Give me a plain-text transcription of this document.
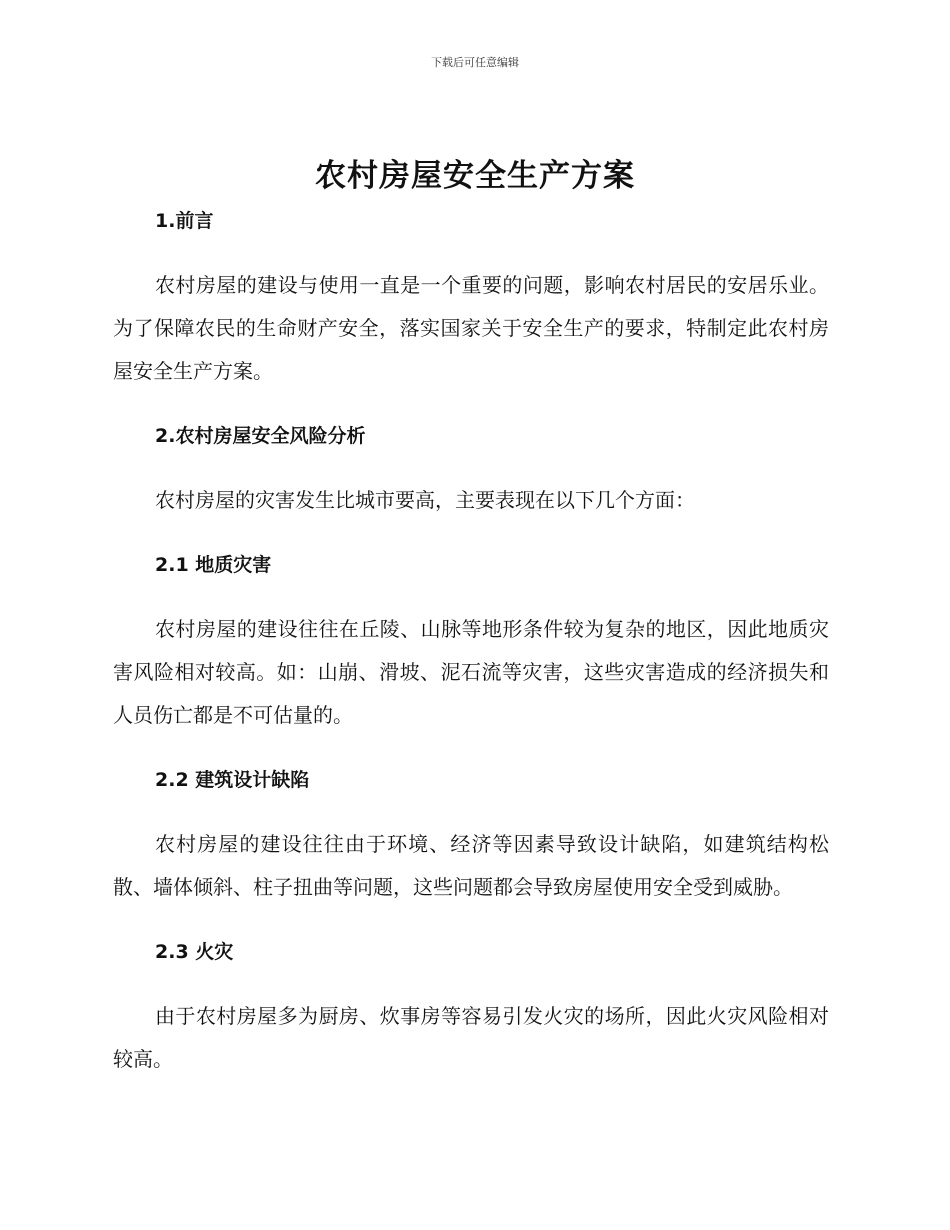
下载后可任意编辑
农村房屋安全生产方案
1.前言

农村房屋的建设与使用一直是一个重要的问题，影响农村居民的安居乐业。为了保障农民的生命财产安全，落实国家关于安全生产的要求，特制定此农村房屋安全生产方案。

2.农村房屋安全风险分析

农村房屋的灾害发生比城市要高，主要表现在以下几个方面：

2.1 地质灾害

农村房屋的建设往往在丘陵、山脉等地形条件较为复杂的地区，因此地质灾害风险相对较高。如：山崩、滑坡、泥石流等灾害，这些灾害造成的经济损失和人员伤亡都是不可估量的。

2.2 建筑设计缺陷

农村房屋的建设往往由于环境、经济等因素导致设计缺陷，如建筑结构松散、墙体倾斜、柱子扭曲等问题，这些问题都会导致房屋使用安全受到威胁。

2.3 火灾

由于农村房屋多为厨房、炊事房等容易引发火灾的场所，因此火灾风险相对较高。
